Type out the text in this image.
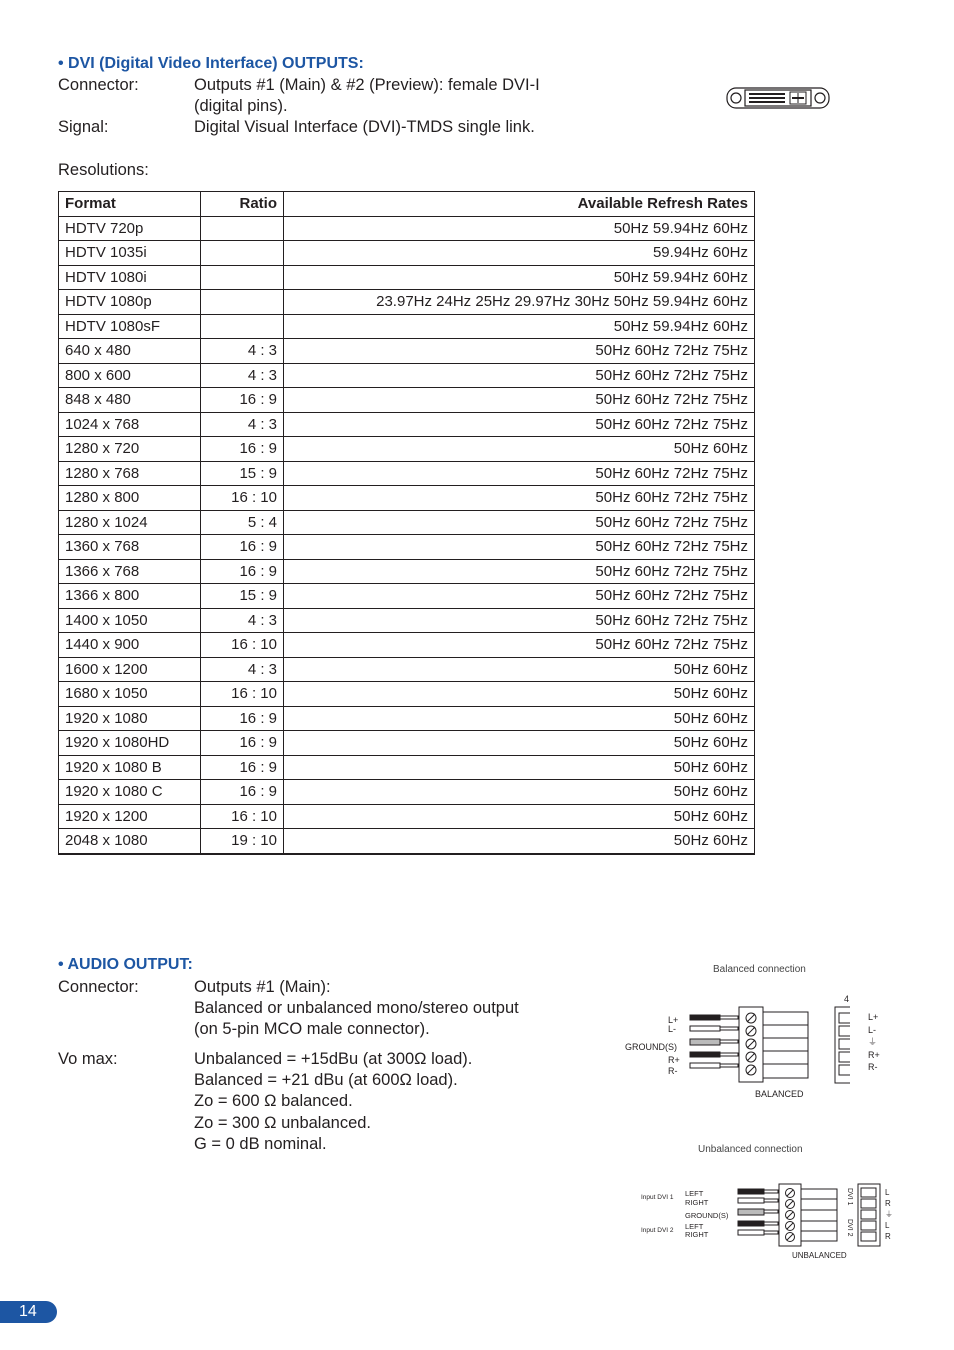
• DVI (Digital Video Interface) OUTPUTS:
Connector:	Outputs #1 (Main) & #2 (Preview): female DVI-I
(digital pins).
Signal:	Digital Visual Interface (DVI)-TMDS single link.
Resolutions:
Format	Ratio	Available Refresh Rates
HDTV 720p		50Hz 59.94Hz 60Hz
HDTV 1035i		59.94Hz 60Hz
HDTV 1080i		50Hz 59.94Hz 60Hz
HDTV 1080p		23.97Hz 24Hz 25Hz 29.97Hz 30Hz 50Hz 59.94Hz 60Hz
HDTV 1080sF		50Hz 59.94Hz 60Hz
640 x 480	4 : 3	50Hz 60Hz 72Hz 75Hz
800 x 600	4 : 3	50Hz 60Hz 72Hz 75Hz
848 x 480	16 : 9	50Hz 60Hz 72Hz 75Hz
1024 x 768	4 : 3	50Hz 60Hz 72Hz 75Hz
1280 x 720	16 : 9	50Hz 60Hz
1280 x 768	15 : 9	50Hz 60Hz 72Hz 75Hz
1280 x 800	16 : 10	50Hz 60Hz 72Hz 75Hz
1280 x 1024	5 : 4	50Hz 60Hz 72Hz 75Hz
1360 x 768	16 : 9	50Hz 60Hz 72Hz 75Hz
1366 x 768	16 : 9	50Hz 60Hz 72Hz 75Hz
1366 x 800	15 : 9	50Hz 60Hz 72Hz 75Hz
1400 x 1050	4 : 3	50Hz 60Hz 72Hz 75Hz
1440 x 900	16 : 10	50Hz 60Hz 72Hz 75Hz
1600 x 1200	4 : 3	50Hz 60Hz
1680 x 1050	16 : 10	50Hz 60Hz
1920 x 1080	16 : 9	50Hz 60Hz
1920 x 1080HD	16 : 9	50Hz 60Hz
1920 x 1080 B	16 : 9	50Hz 60Hz
1920 x 1080 C	16 : 9	50Hz 60Hz
1920 x 1200	16 : 10	50Hz 60Hz
2048 x 1080	19 : 10	50Hz 60Hz
• AUDIO OUTPUT:
Connector:	Outputs #1 (Main):
Balanced or unbalanced mono/stereo output
(on 5-pin MCO male connector).
Vo max:	Unbalanced = +15dBu (at 300Ω load).
Balanced = +21 dBu (at 600Ω load).
Zo = 600 Ω balanced.
Zo = 300 Ω unbalanced.
G = 0 dB nominal.
Balanced connection
L+
L-
GROUND(S)
R+
R-
BALANCED
4
L+
L-
⏚
R+
R-
Unbalanced connection
Input DVI 1
Input DVI 2
LEFT
RIGHT
GROUND(S)
LEFT
RIGHT
UNBALANCED
DVI 1
DVI 2
L
R
⏚
L
R
14
